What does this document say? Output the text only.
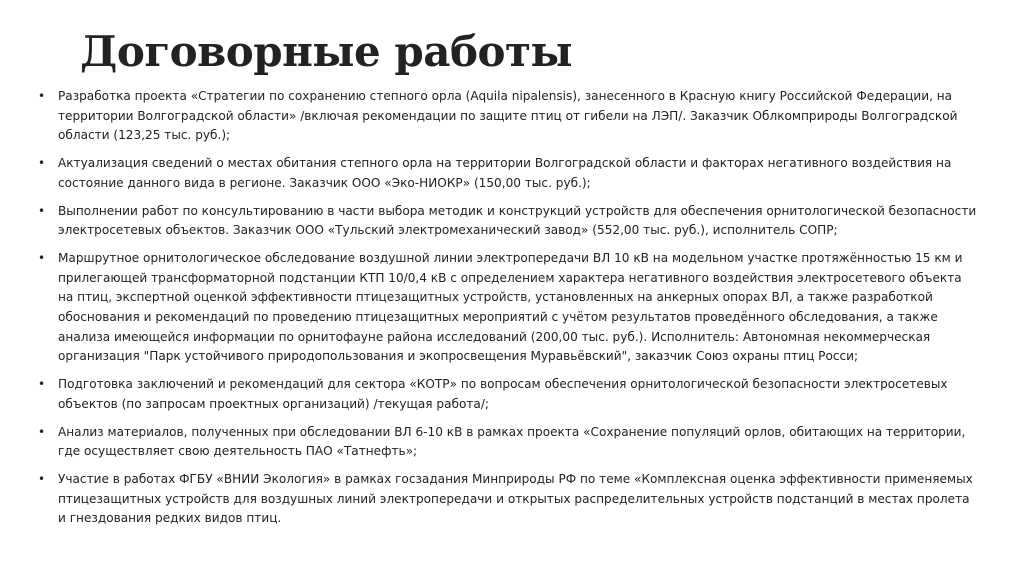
Договорные работы
• Разработка проекта «Стратегии по сохранению степного орла (Aquila nipalensis), занесенного в Красную книгу Российской Федерации, на территории Волгоградской области» /включая рекомендации по защите птиц от гибели на ЛЭП/. Заказчик Облкомприроды Волгоградской области (123,25 тыс. руб.);
• Актуализация сведений о местах обитания степного орла на территории Волгоградской области и факторах негативного воздействия на состояние данного вида в регионе. Заказчик ООО «Эко-НИОКР» (150,00 тыс. руб.);
• Выполнении работ по консультированию в части выбора методик и конструкций устройств для обеспечения орнитологической безопасности электросетевых объектов. Заказчик ООО «Тульский электромеханический завод» (552,00 тыс. руб.), исполнитель СОПР;
• Маршрутное орнитологическое обследование воздушной линии электропередачи ВЛ 10 кВ на модельном участке протяжённостью 15 км и прилегающей трансформаторной подстанции КТП 10/0,4 кВ с определением характера негативного воздействия электросетевого объекта на птиц, экспертной оценкой эффективности птицезащитных устройств, установленных на анкерных опорах ВЛ, а также разработкой обоснования и рекомендаций по проведению птицезащитных мероприятий с учётом результатов проведённого обследования, а также анализа имеющейся информации по орнитофауне района исследований (200,00 тыс. руб.). Исполнитель: Автономная некоммерческая организация "Парк устойчивого природопользования и экопросвещения Муравьёвский", заказчик Союз охраны птиц Росси;
• Подготовка заключений и рекомендаций для сектора «КОТР» по вопросам обеспечения орнитологической безопасности электросетевых объектов (по запросам проектных организаций) /текущая работа/;
• Анализ материалов, полученных при обследовании ВЛ 6-10 кВ в рамках проекта «Сохранение популяций орлов, обитающих на территории, где осуществляет свою деятельность ПАО «Татнефть»;
• Участие в работах ФГБУ «ВНИИ Экология» в рамках госзадания Минприроды РФ по теме «Комплексная оценка эффективности применяемых птицезащитных устройств для воздушных линий электропередачи и открытых распределительных устройств подстанций в местах пролета и гнездования редких видов птиц.
